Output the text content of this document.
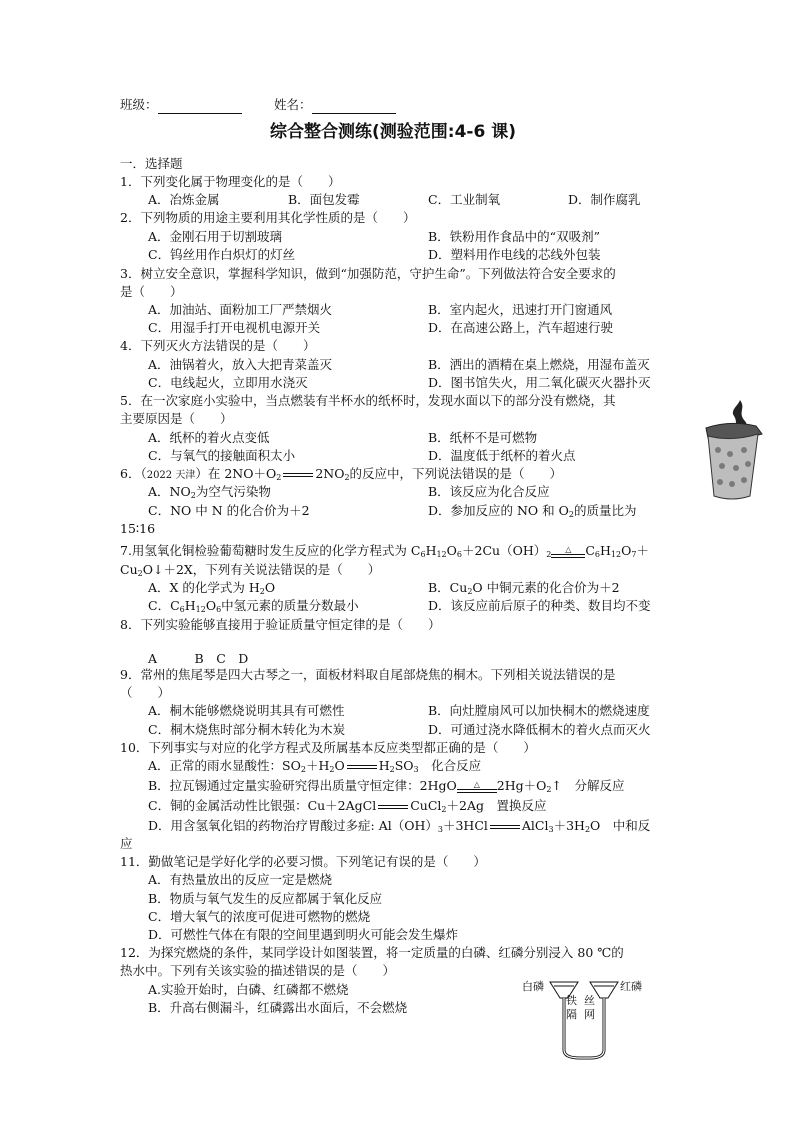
班级：	姓名：
综合整合测练(测验范围:4-6 课)
一．选择题
1．下列变化属于物理变化的是（　　）
A．冶炼金属	B．面包发霉	C．工业制氧	D．制作腐乳
2．下列物质的用途主要利用其化学性质的是（　　）
A．金刚石用于切割玻璃	B．铁粉用作食品中的“双吸剂”
C．钨丝用作白炽灯的灯丝	D．塑料用作电线的芯线外包装
3．树立安全意识，掌握科学知识，做到“加强防范，守护生命”。下列做法符合安全要求的
是（　　）
A．加油站、面粉加工厂严禁烟火	B．室内起火，迅速打开门窗通风
C．用湿手打开电视机电源开关	D．在高速公路上，汽车超速行驶
4．下列灭火方法错误的是（　　）
A．油锅着火，放入大把青菜盖灭	B．洒出的酒精在桌上燃烧，用湿布盖灭
C．电线起火，立即用水浇灭	D．图书馆失火，用二氧化碳灭火器扑灭
5．在一次家庭小实验中，当点燃装有半杯水的纸杯时，发现水面以下的部分没有燃烧，其
主要原因是（　　）
A．纸杯的着火点变低	B．纸杯不是可燃物
C．与氧气的接触面积太小	D．温度低于纸杯的着火点
6．（2022 天津）在 $2NO+O_2$	$2NO_2$的反应中，下列说法错误的是（　　）
A．$NO_2$为空气污染物	B．该反应为化合反应
C．NO 中 N 的化合价为＋2	D．参加反应的 NO 和 $O_2$的质量比为
15∶16
7.用氢氧化铜检验葡萄糖时发生反应的化学方程式为 $C_6H_{12}O_6+2Cu(OH)_2$
△	$C_6H_{12}O_7+$
$Cu_2O↓+2X$，下列有关说法错误的是（　　）
A．X 的化学式为 $H_2O$	B．$Cu_2O$ 中铜元素的化合价为＋2
C．$C_6H_{12}O_6$中氢元素的质量分数最小	D．该反应前后原子的种类、数目均不变
8．下列实验能够直接用于验证质量守恒定律的是（　　）
A　　　B　C　D
9．常州的焦尾琴是四大古琴之一，面板材料取自尾部烧焦的桐木。下列相关说法错误的是
（　　）
A．桐木能够燃烧说明其具有可燃性	B．向灶膛扇风可以加快桐木的燃烧速度
C．桐木烧焦时部分桐木转化为木炭	D．可通过浇水降低桐木的着火点而灭火
10．下列事实与对应的化学方程式及所属基本反应类型都正确的是（　　）
A．正常的雨水显酸性：$SO_2+H_2O$	$H_2SO_3$　 化合反应
B．拉瓦锡通过定量实验研究得出质量守恒定律：2HgO	△	$2Hg+O_2↑$　分解反应
C．铜的金属活动性比银强：Cu＋2AgCl	CuCl$_2$＋2Ag　置换反应
D．用含氢氧化铝的药物治疗胃酸过多症: $Al(OH)_3+3HCl$	$AlCl_3+3H_2O$　中和反
应
11．勤做笔记是学好化学的必要习惯。下列笔记有误的是（　　）
A．有热量放出的反应一定是燃烧
B．物质与氧气发生的反应都属于氧化反应
C．增大氧气的浓度可促进可燃物的燃烧
D．可燃性气体在有限的空间里遇到明火可能会发生爆炸
12．为探究燃烧的条件，某同学设计如图装置，将一定质量的白磷、红磷分别浸入 80 ℃的
热水中。下列有关该实验的描述错误的是（　　）
A.实验开始时，白磷、红磷都不燃烧
B．升高右侧漏斗，红磷露出水面后，不会燃烧
白磷	红磷
铁 丝
隔 网
